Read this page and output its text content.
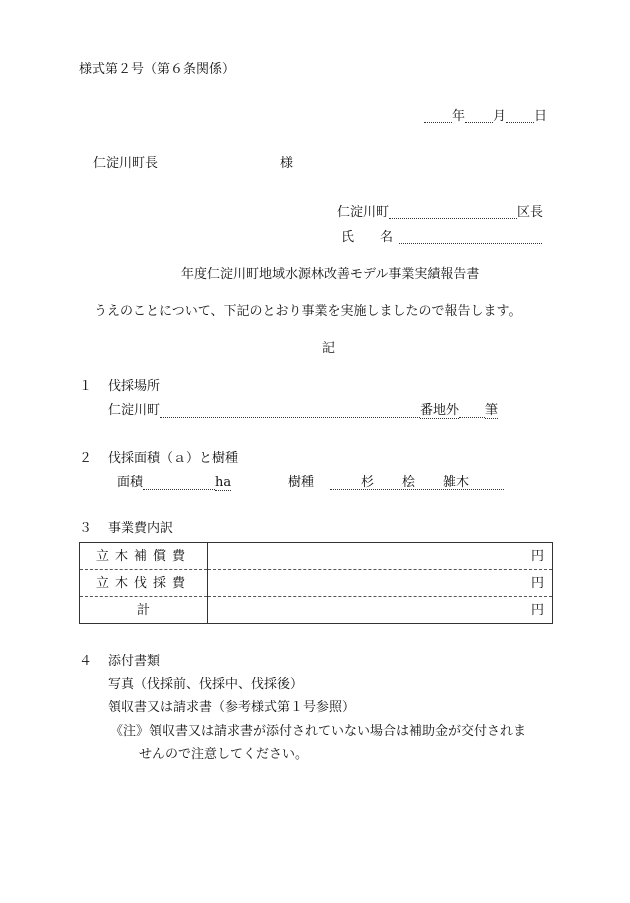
様式第２号（第６条関係）
年 月 日
仁淀川町長	様
仁淀川町	区長
氏　　名
年度仁淀川町地域水源林改善モデル事業実績報告書
うえのことについて、下記のとおり事業を実施しましたので報告します。
記
１ 伐採場所
仁淀川町	番地外 筆
２ 伐採面積（ａ）と樹種
面積	ha	樹種	杉 桧 雑木
３ 事業費内訳
立木補償費	円
立木伐採費	円
計	円
４ 添付書類
写真（伐採前、伐採中、伐採後）
領収書又は請求書（参考様式第１号参照）
《注》領収書又は請求書が添付されていない場合は補助金が交付されま
せんので注意してください。
